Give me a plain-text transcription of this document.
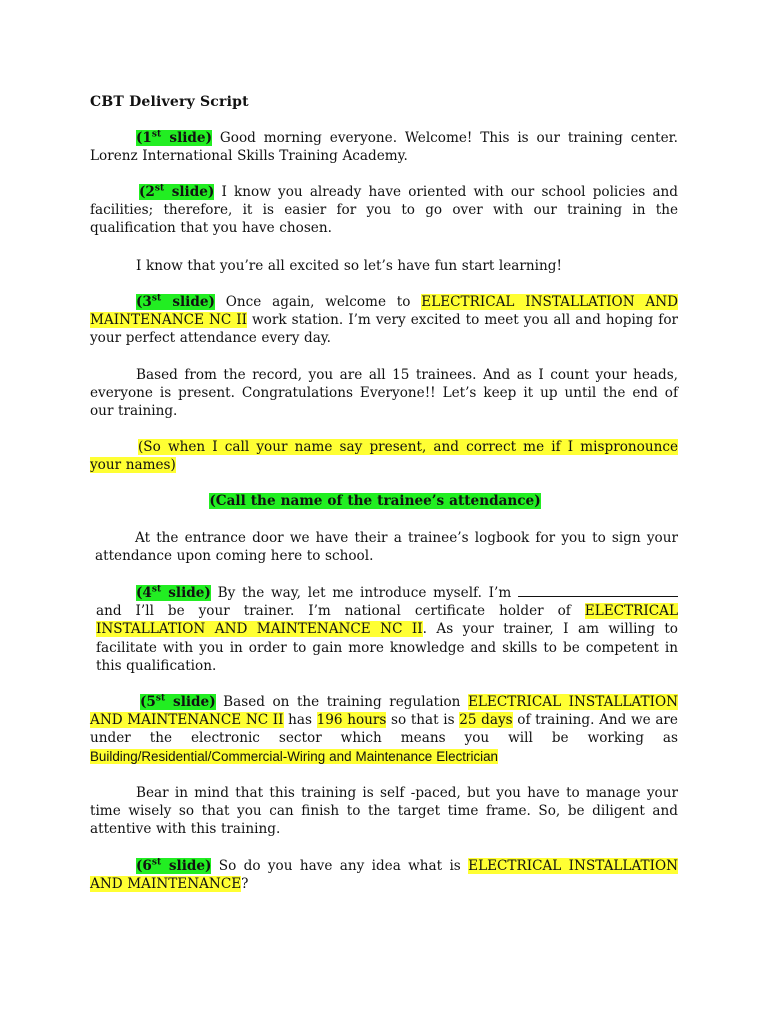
CBT Delivery Script
(1st slide) Good morning everyone. Welcome! This is our training center. Lorenz International Skills Training Academy.
(2st slide) I know you already have oriented with our school policies and facilities; therefore, it is easier for you to go over with our training in the qualification that you have chosen.
I know that you’re all excited so let’s have fun start learning!
(3st slide) Once again, welcome to ELECTRICAL INSTALLATION AND MAINTENANCE NC II work station. I’m very excited to meet you all and hoping for your perfect attendance every day.
Based from the record, you are all 15 trainees. And as I count your heads, everyone is present. Congratulations Everyone!! Let’s keep it up until the end of our training.
(So when I call your name say present, and correct me if I mispronounce your names)
(Call the name of the trainee’s attendance)
At the entrance door we have their a trainee’s logbook for you to sign your attendance upon coming here to school.
(4st slide) By the way, let me introduce myself. I’m  and I’ll be your trainer. I’m national certificate holder of ELECTRICAL INSTALLATION AND MAINTENANCE NC II. As your trainer, I am willing to facilitate with you in order to gain more knowledge and skills to be competent in this qualification.
(5st slide) Based on the training regulation ELECTRICAL INSTALLATION AND MAINTENANCE NC II has 196 hours so that is 25 days of training. And we are under the electronic sector which means you will be working as Building/Residential/Commercial-Wiring and Maintenance Electrician
Bear in mind that this training is self -paced, but you have to manage your time wisely so that you can finish to the target time frame. So, be diligent and attentive with this training.
(6st slide) So do you have any idea what is ELECTRICAL INSTALLATION AND MAINTENANCE?
